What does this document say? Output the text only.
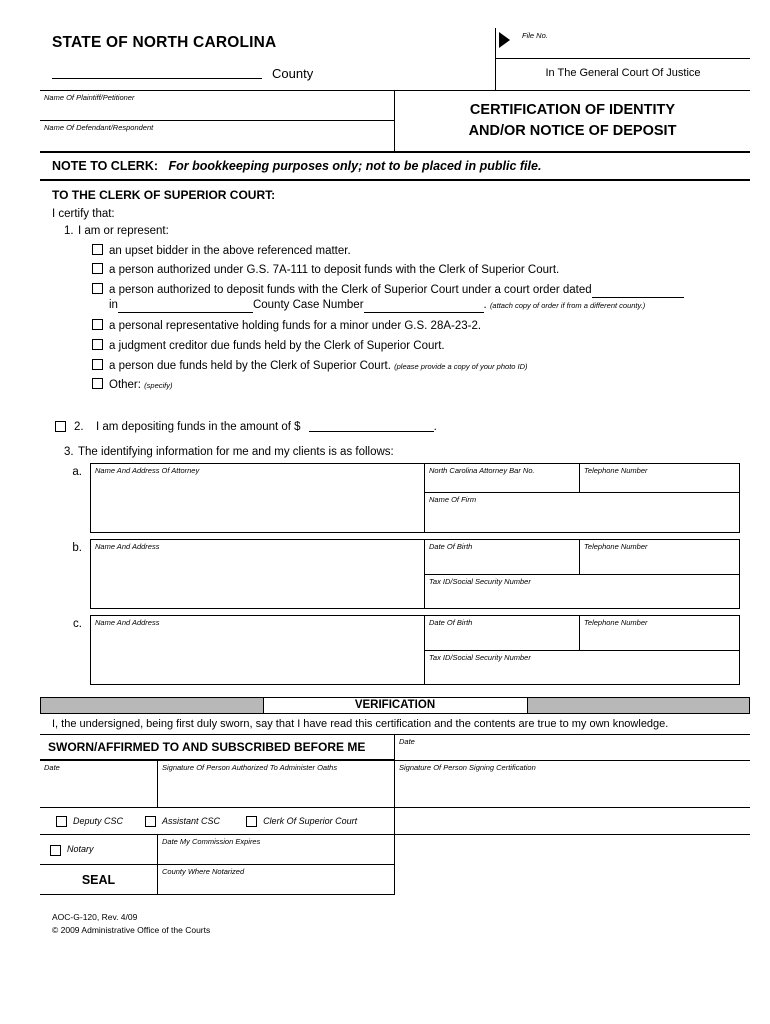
STATE OF NORTH CAROLINA
County
File No.
In The General Court Of Justice
Name Of Plaintiff/Petitioner
Name Of Defendant/Respondent
CERTIFICATION OF IDENTITY
AND/OR NOTICE OF DEPOSIT
NOTE TO CLERK: For bookkeeping purposes only; not to be placed in public file.
TO THE CLERK OF SUPERIOR COURT:
I certify that:
1. I am or represent:
an upset bidder in the above referenced matter.
a person authorized under G.S. 7A-111 to deposit funds with the Clerk of Superior Court.
a person authorized to deposit funds with the Clerk of Superior Court under a court order dated
in	County Case Number	. (attach copy of order if from a different county.)
a personal representative holding funds for a minor under G.S. 28A-23-2.
a judgment creditor due funds held by the Clerk of Superior Court.
a person due funds held by the Clerk of Superior Court. (please provide a copy of your photo ID)
Other: (specify)
2.	I am depositing funds in the amount of $	.
3. The identifying information for me and my clients is as follows:
a.	Name And Address Of Attorney	North Carolina Attorney Bar No.	Telephone Number
Name Of Firm
b.	Name And Address	Date Of Birth	Telephone Number
Tax ID/Social Security Number
c.	Name And Address	Date Of Birth	Telephone Number
Tax ID/Social Security Number
VERIFICATION
I, the undersigned, being first duly sworn, say that I have read this certification and the contents are true to my own knowledge.
SWORN/AFFIRMED TO AND SUBSCRIBED BEFORE ME	Date
Date	Signature Of Person Authorized To Administer Oaths	Signature Of Person Signing Certification
Deputy CSC	Assistant CSC	Clerk Of Superior Court
Notary
Date My Commission Expires
SEAL
County Where Notarized
AOC-G-120, Rev. 4/09
© 2009 Administrative Office of the Courts
